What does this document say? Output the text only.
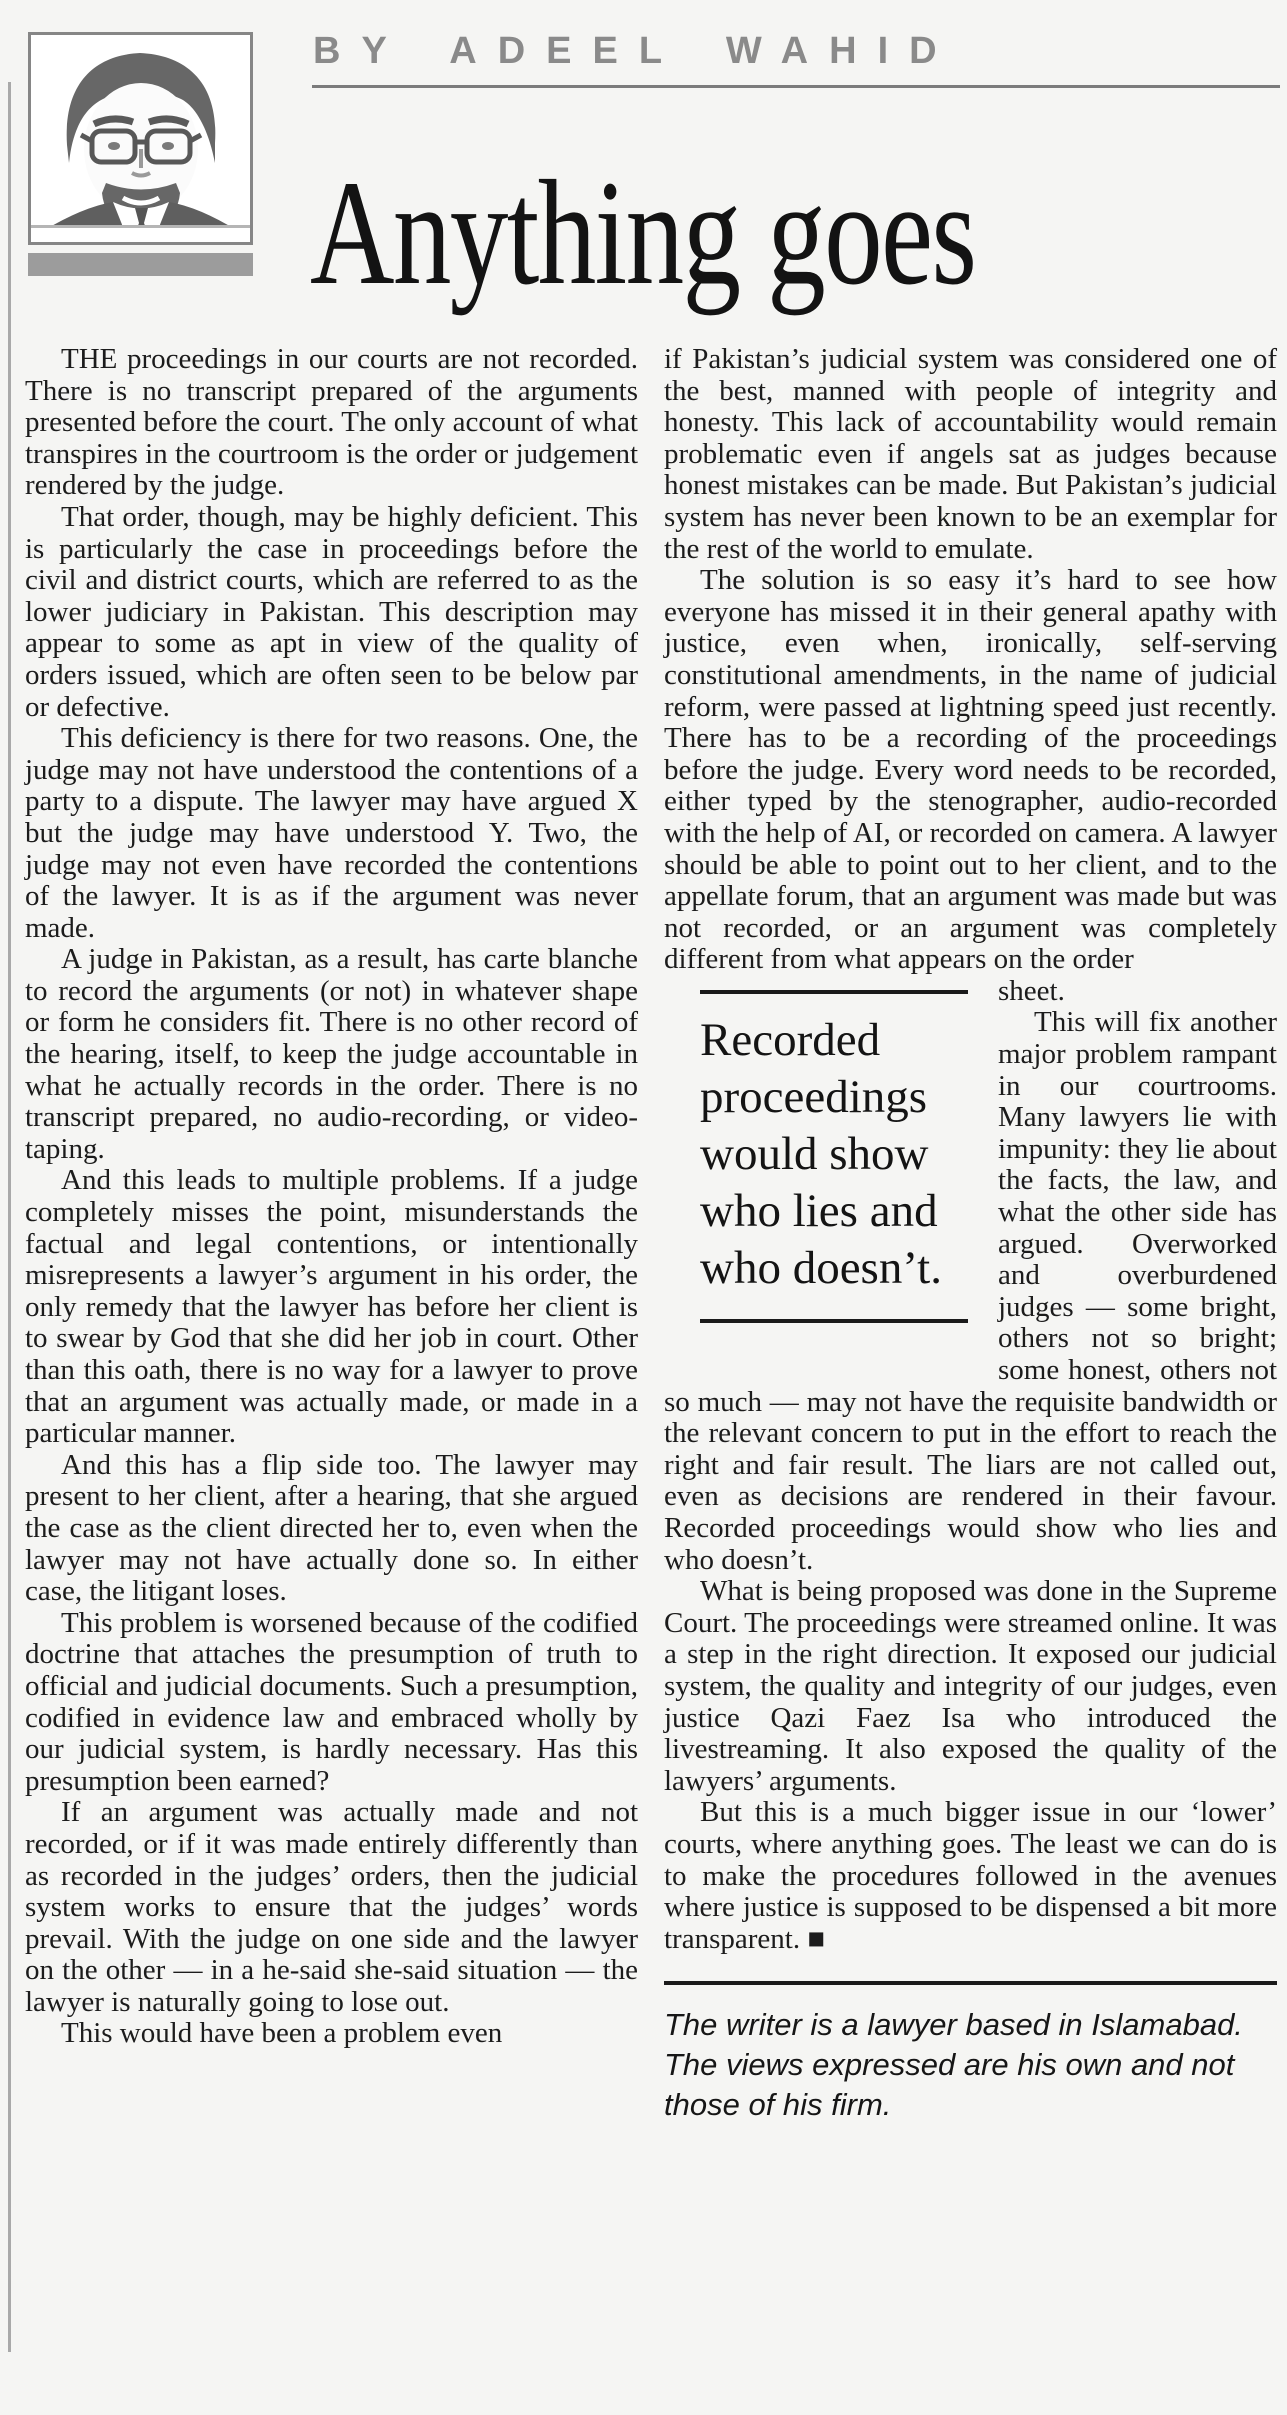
BY ADEEL WAHID
Anything goes

THE proceedings in our courts are not recorded. There is no transcript prepared of the arguments presented before the court. The only account of what transpires in the courtroom is the order or judgement rendered by the judge.

That order, though, may be highly deficient. This is particularly the case in proceedings before the civil and district courts, which are referred to as the lower judiciary in Pakistan. This description may appear to some as apt in view of the quality of orders issued, which are often seen to be below par or defective.

This deficiency is there for two reasons. One, the judge may not have understood the contentions of a party to a dispute. The lawyer may have argued X but the judge may have understood Y. Two, the judge may not even have recorded the contentions of the lawyer. It is as if the argument was never made.

A judge in Pakistan, as a result, has carte blanche to record the arguments (or not) in whatever shape or form he considers fit. There is no other record of the hearing, itself, to keep the judge accountable in what he actually records in the order. There is no transcript prepared, no audio-recording, or video-taping.

And this leads to multiple problems. If a judge completely misses the point, misunderstands the factual and legal contentions, or intentionally misrepresents a lawyer’s argument in his order, the only remedy that the lawyer has before her client is to swear by God that she did her job in court. Other than this oath, there is no way for a lawyer to prove that an argument was actually made, or made in a particular manner.

And this has a flip side too. The lawyer may present to her client, after a hearing, that she argued the case as the client directed her to, even when the lawyer may not have actually done so. In either case, the litigant loses.

This problem is worsened because of the codified doctrine that attaches the presumption of truth to official and judicial documents. Such a presumption, codified in evidence law and embraced wholly by our judicial system, is hardly necessary. Has this presumption been earned?

If an argument was actually made and not recorded, or if it was made entirely differently than as recorded in the judges’ orders, then the judicial system works to ensure that the judges’ words prevail. With the judge on one side and the lawyer on the other — in a he-said she-said situation — the lawyer is naturally going to lose out.

This would have been a problem even

if Pakistan’s judicial system was considered one of the best, manned with people of integrity and honesty. This lack of accountability would remain problematic even if angels sat as judges because honest mistakes can be made. But Pakistan’s judicial system has never been known to be an exemplar for the rest of the world to emulate.

The solution is so easy it’s hard to see how everyone has missed it in their general apathy with justice, even when, ironically, self-serving constitutional amendments, in the name of judicial reform, were passed at lightning speed just recently. There has to be a recording of the proceedings before the judge. Every word needs to be recorded, either typed by the stenographer, audio-recorded with the help of AI, or recorded on camera. A lawyer should be able to point out to her client, and to the appellate forum, that an argument was made but was not recorded, or an argument was completely different from what appears on the order

Recorded proceedings would show who lies and who doesn’t.

sheet.

This will fix another major problem rampant in our courtrooms. Many lawyers lie with impunity: they lie about the facts, the law, and what the other side has argued. Overworked and overburdened judges — some bright, others not so bright; some honest, others not so much — may not have the requisite bandwidth or the relevant concern to put in the effort to reach the right and fair result. The liars are not called out, even as decisions are rendered in their favour. Recorded proceedings would show who lies and who doesn’t.

What is being proposed was done in the Supreme Court. The proceedings were streamed online. It was a step in the right direction. It exposed our judicial system, the quality and integrity of our judges, even justice Qazi Faez Isa who introduced the livestreaming. It also exposed the quality of the lawyers’ arguments.

But this is a much bigger issue in our ‘lower’ courts, where anything goes. The least we can do is to make the procedures followed in the avenues where justice is supposed to be dispensed a bit more transparent. ■

The writer is a lawyer based in Islamabad. The views expressed are his own and not those of his firm.
